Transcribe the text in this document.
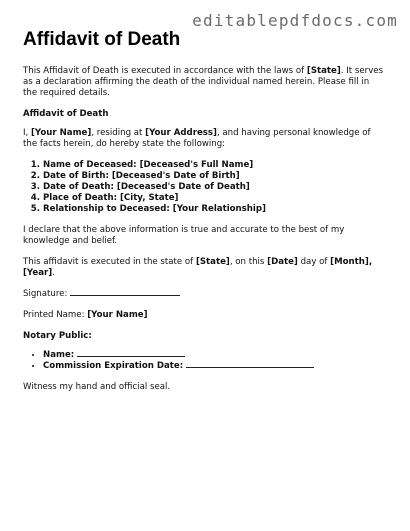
editablepdfdocs.com
Affidavit of Death

This Affidavit of Death is executed in accordance with the laws of [State]. It serves as a declaration affirming the death of the individual named herein. Please fill in the required details.

Affidavit of Death

I, [Your Name], residing at [Your Address], and having personal knowledge of the facts herein, do hereby state the following:

1. Name of Deceased: [Deceased's Full Name]
2. Date of Birth: [Deceased's Date of Birth]
3. Date of Death: [Deceased's Date of Death]
4. Place of Death: [City, State]
5. Relationship to Deceased: [Your Relationship]

I declare that the above information is true and accurate to the best of my knowledge and belief.

This affidavit is executed in the state of [State], on this [Date] day of [Month], [Year].

Signature:

Printed Name: [Your Name]

Notary Public:

• Name:
• Commission Expiration Date:

Witness my hand and official seal.
